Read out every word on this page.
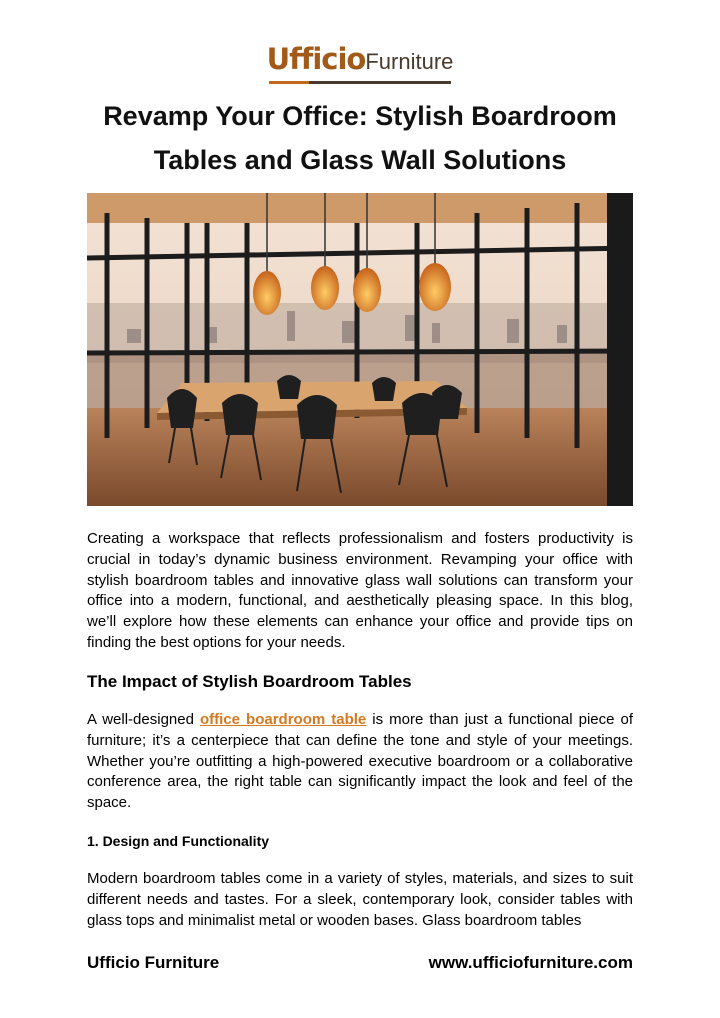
UfficioFurniture
Revamp Your Office: Stylish Boardroom Tables and Glass Wall Solutions

Creating a workspace that reflects professionalism and fosters productivity is crucial in today’s dynamic business environment. Revamping your office with stylish boardroom tables and innovative glass wall solutions can transform your office into a modern, functional, and aesthetically pleasing space. In this blog, we’ll explore how these elements can enhance your office and provide tips on finding the best options for your needs.

The Impact of Stylish Boardroom Tables

A well-designed office boardroom table is more than just a functional piece of furniture; it’s a centerpiece that can define the tone and style of your meetings. Whether you’re outfitting a high-powered executive boardroom or a collaborative conference area, the right table can significantly impact the look and feel of the space.

1. Design and Functionality

Modern boardroom tables come in a variety of styles, materials, and sizes to suit different needs and tastes. For a sleek, contemporary look, consider tables with glass tops and minimalist metal or wooden bases. Glass boardroom tables

Ufficio Furniture	www.ufficiofurniture.com
